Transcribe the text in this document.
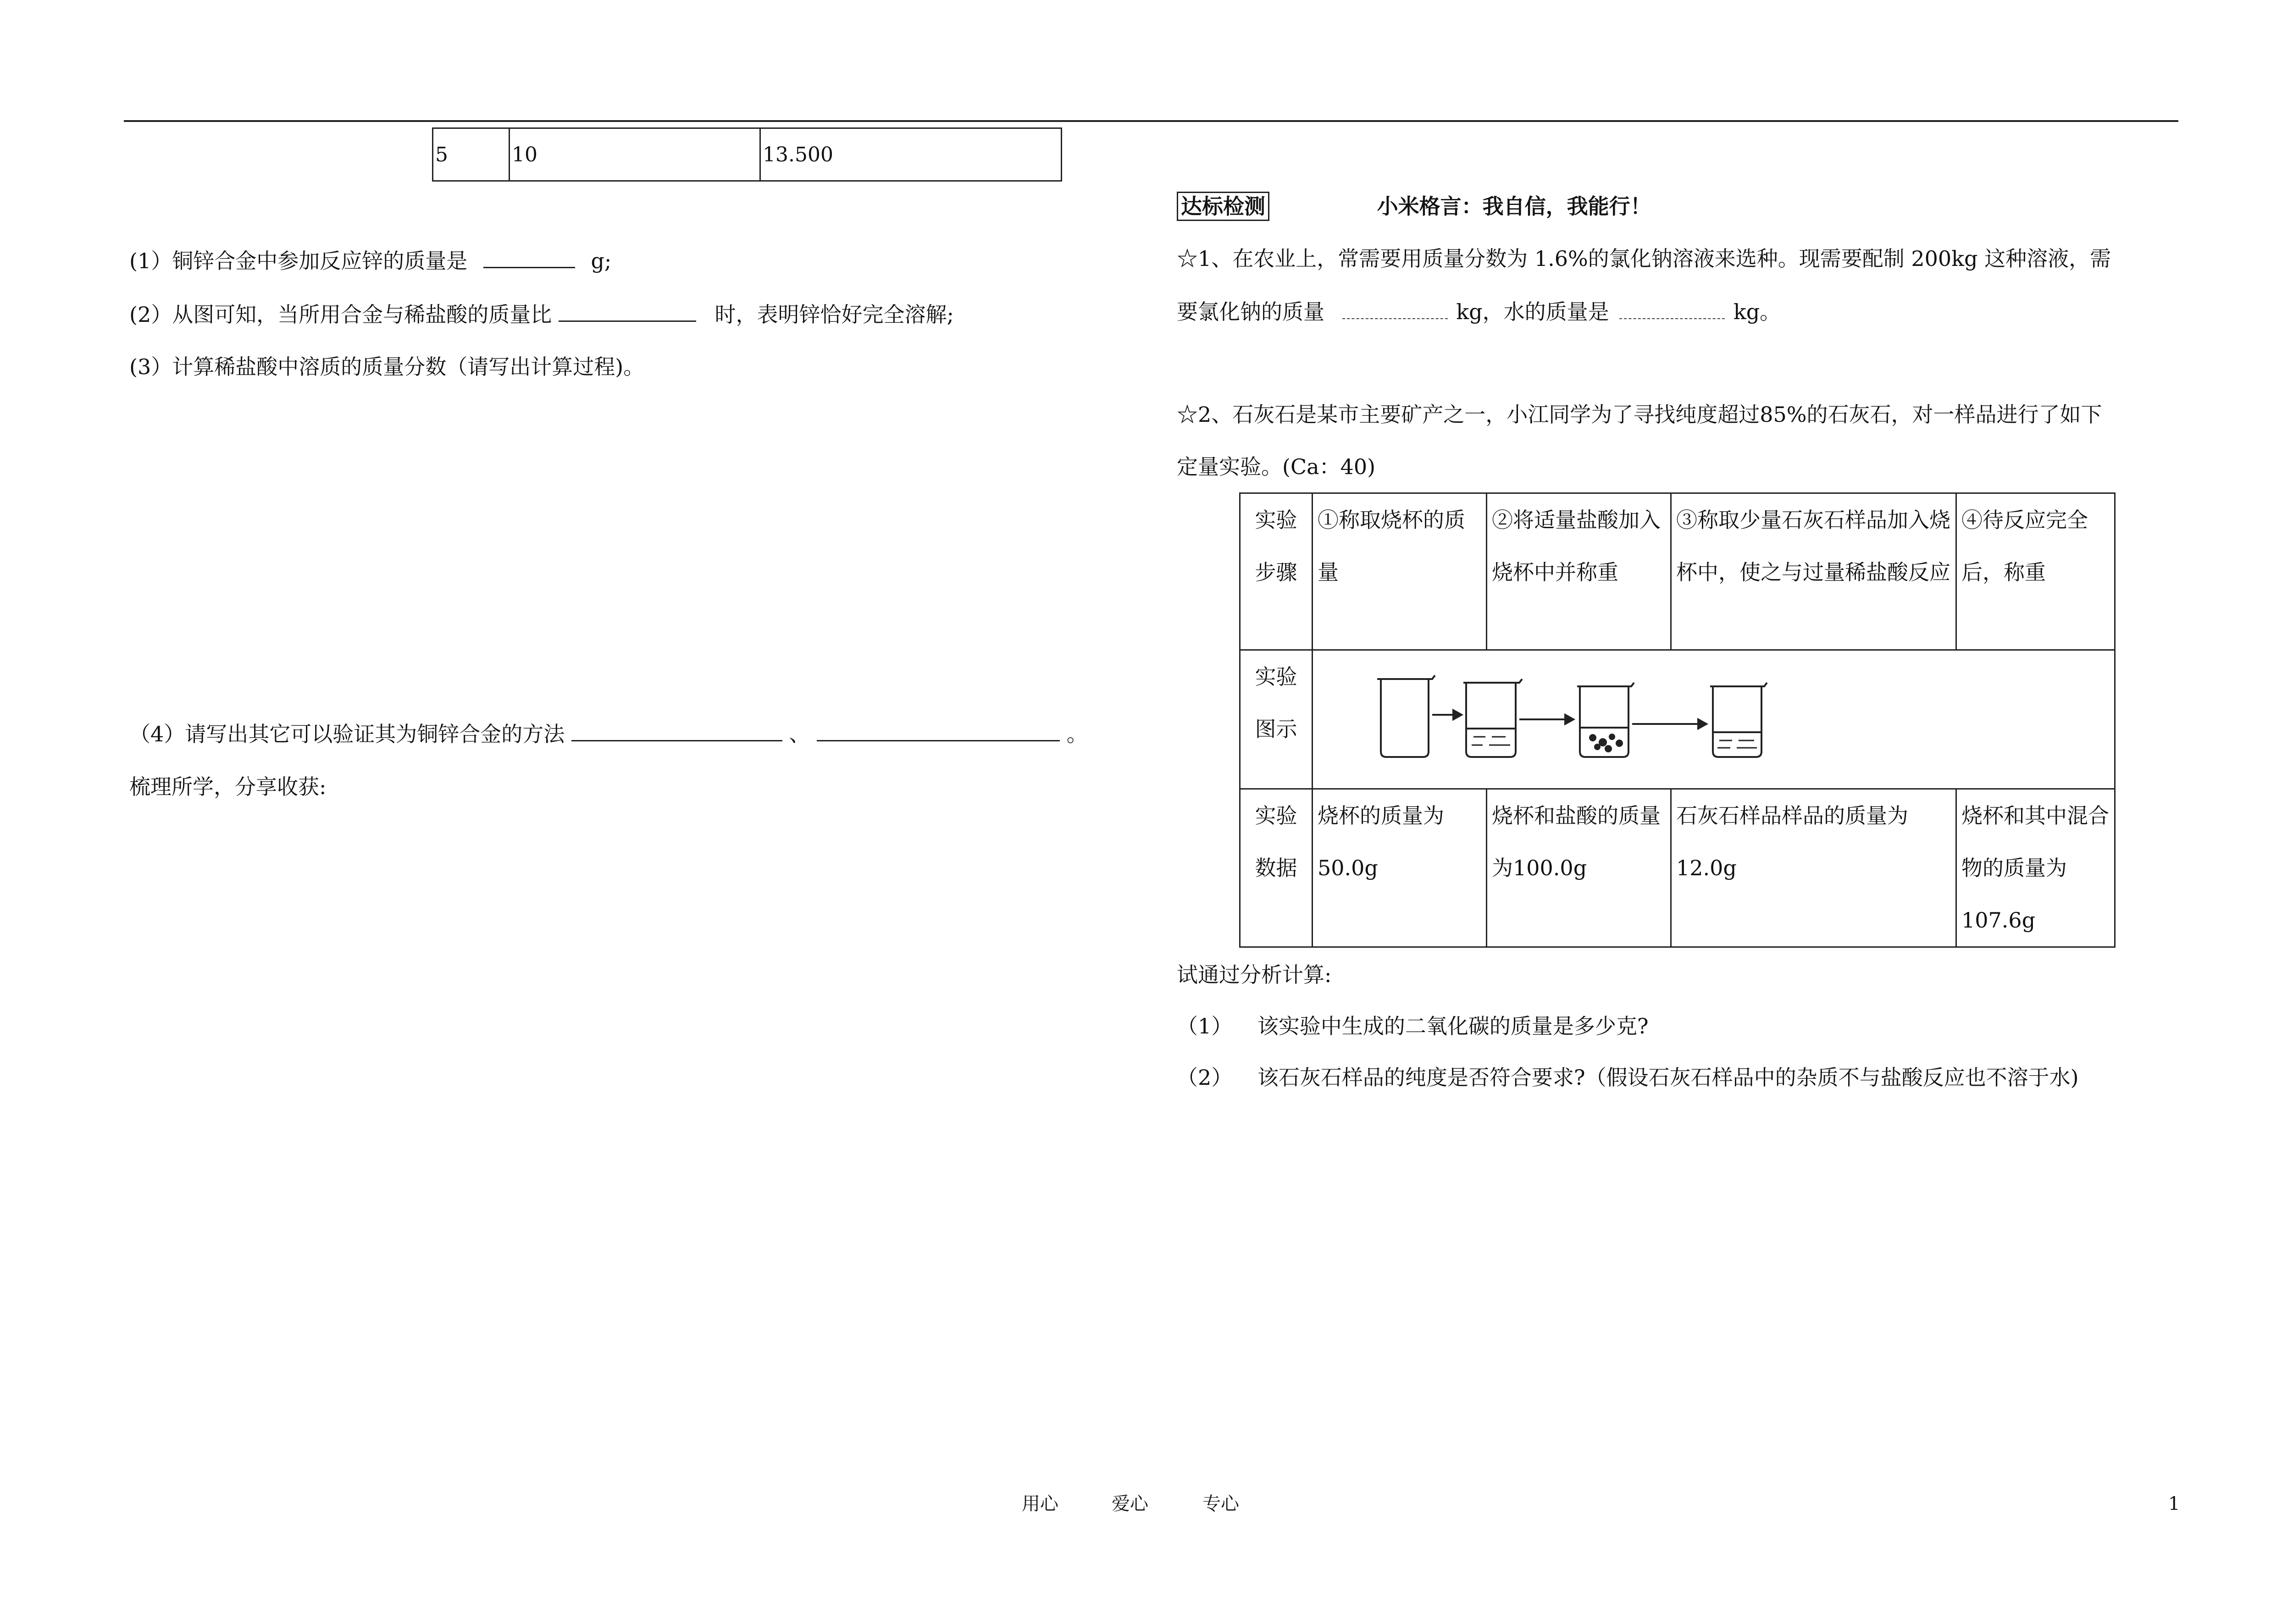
5	10	13.500
(1）铜锌合金中参加反应锌的质量是	g;
(2）从图可知，当所用合金与稀盐酸的质量比	时，表明锌恰好完全溶解;
(3）计算稀盐酸中溶质的质量分数（请写出计算过程)。
（4）请写出其它可以验证其为铜锌合金的方法	、	。
梳理所学，分享收获:
达标检测	小米格言：我自信，我能行！
☆1、在农业上，常需要用质量分数为 1.6%的氯化钠溶液来选种。现需要配制 200kg 这种溶液，需
要氯化钠的质量	kg，水的质量是	kg。
☆2、石灰石是某市主要矿产之一，小江同学为了寻找纯度超过85%的石灰石，对一样品进行了如下
定量实验。(Ca：40)
实验步骤	①称取烧杯的质量	②将适量盐酸加入烧杯中并称重	③称取少量石灰石样品加入烧杯中，使之与过量稀盐酸反应	④待反应完全后，称重
实验图示	

实验数据	烧杯的质量为50.0g	烧杯和盐酸的质量为100.0g	石灰石样品样品的质量为12.0g	烧杯和其中混合物的质量为107.6g
试通过分析计算:
（1） 该实验中生成的二氧化碳的质量是多少克?
（2） 该石灰石样品的纯度是否符合要求?（假设石灰石样品中的杂质不与盐酸反应也不溶于水)
用心	爱心	专心	1
